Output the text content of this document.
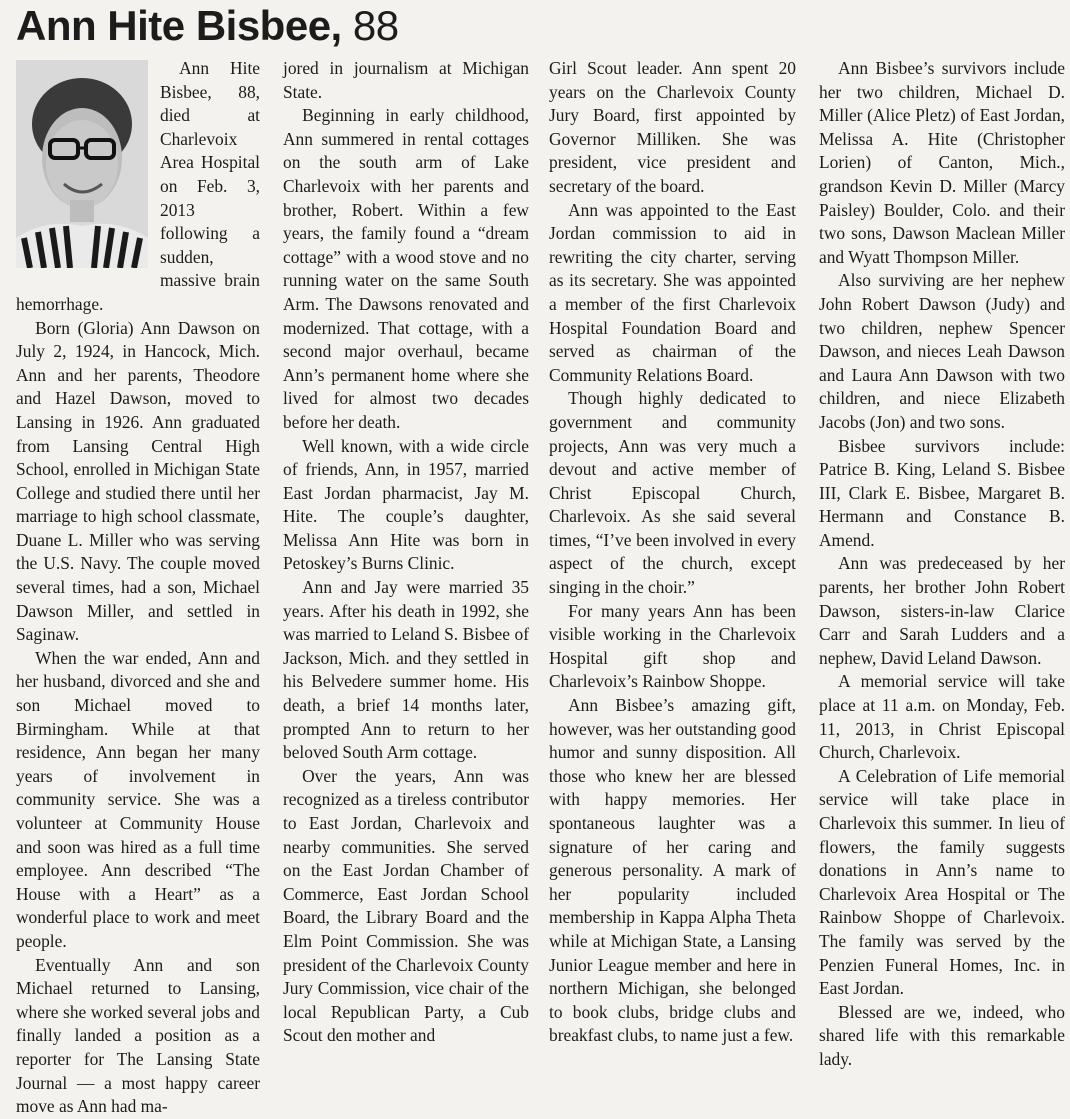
Ann Hite Bisbee, 88

Ann Hite Bisbee, 88, died at Charlevoix Area Hospital on Feb. 3, 2013 following a sudden, massive brain hemorrhage.

Born (Gloria) Ann Dawson on July 2, 1924, in Hancock, Mich. Ann and her parents, Theodore and Hazel Dawson, moved to Lansing in 1926. Ann graduated from Lansing Central High School, enrolled in Michigan State College and studied there until her marriage to high school classmate, Duane L. Miller who was serving the U.S. Navy. The couple moved several times, had a son, Michael Dawson Miller, and settled in Saginaw.

When the war ended, Ann and her husband, divorced and she and son Michael moved to Birmingham. While at that residence, Ann began her many years of involvement in community service. She was a volunteer at Community House and soon was hired as a full time employee. Ann described “The House with a Heart” as a wonderful place to work and meet people.

Eventually Ann and son Michael returned to Lansing, where she worked several jobs and finally landed a position as a reporter for The Lansing State Journal — a most happy career move as Ann had ma-

jored in journalism at Michigan State.

Beginning in early childhood, Ann summered in rental cottages on the south arm of Lake Charlevoix with her parents and brother, Robert. Within a few years, the family found a “dream cottage” with a wood stove and no running water on the same South Arm. The Dawsons renovated and modernized. That cottage, with a second major overhaul, became Ann’s permanent home where she lived for almost two decades before her death.

Well known, with a wide circle of friends, Ann, in 1957, married East Jordan pharmacist, Jay M. Hite. The couple’s daughter, Melissa Ann Hite was born in Petoskey’s Burns Clinic.

Ann and Jay were married 35 years. After his death in 1992, she was married to Leland S. Bisbee of Jackson, Mich. and they settled in his Belvedere summer home. His death, a brief 14 months later, prompted Ann to return to her beloved South Arm cottage.

Over the years, Ann was recognized as a tireless contributor to East Jordan, Charlevoix and nearby communities. She served on the East Jordan Chamber of Commerce, East Jordan School Board, the Library Board and the Elm Point Commission. She was president of the Charlevoix County Jury Commission, vice chair of the local Republican Party, a Cub Scout den mother and

Girl Scout leader. Ann spent 20 years on the Charlevoix County Jury Board, first appointed by Governor Milliken. She was president, vice president and secretary of the board.

Ann was appointed to the East Jordan commission to aid in rewriting the city charter, serving as its secretary. She was appointed a member of the first Charlevoix Hospital Foundation Board and served as chairman of the Community Relations Board.

Though highly dedicated to government and community projects, Ann was very much a devout and active member of Christ Episcopal Church, Charlevoix. As she said several times, “I’ve been involved in every aspect of the church, except singing in the choir.”

For many years Ann has been visible working in the Charlevoix Hospital gift shop and Charlevoix’s Rainbow Shoppe.

Ann Bisbee’s amazing gift, however, was her outstanding good humor and sunny disposition. All those who knew her are blessed with happy memories. Her spontaneous laughter was a signature of her caring and generous personality. A mark of her popularity included membership in Kappa Alpha Theta while at Michigan State, a Lansing Junior League member and here in northern Michigan, she belonged to book clubs, bridge clubs and breakfast clubs, to name just a few.

Ann Bisbee’s survivors include her two children, Michael D. Miller (Alice Pletz) of East Jordan, Melissa A. Hite (Christopher Lorien) of Canton, Mich., grandson Kevin D. Miller (Marcy Paisley) Boulder, Colo. and their two sons, Dawson Maclean Miller and Wyatt Thompson Miller.

Also surviving are her nephew John Robert Dawson (Judy) and two children, nephew Spencer Dawson, and nieces Leah Dawson and Laura Ann Dawson with two children, and niece Elizabeth Jacobs (Jon) and two sons.

Bisbee survivors include: Patrice B. King, Leland S. Bisbee III, Clark E. Bisbee, Margaret B. Hermann and Constance B. Amend.

Ann was predeceased by her parents, her brother John Robert Dawson, sisters-in-law Clarice Carr and Sarah Ludders and a nephew, David Leland Dawson.

A memorial service will take place at 11 a.m. on Monday, Feb. 11, 2013, in Christ Episcopal Church, Charlevoix.

A Celebration of Life memorial service will take place in Charlevoix this summer. In lieu of flowers, the family suggests donations in Ann’s name to Charlevoix Area Hospital or The Rainbow Shoppe of Charlevoix. The family was served by the Penzien Funeral Homes, Inc. in East Jordan.

Blessed are we, indeed, who shared life with this remarkable lady.
